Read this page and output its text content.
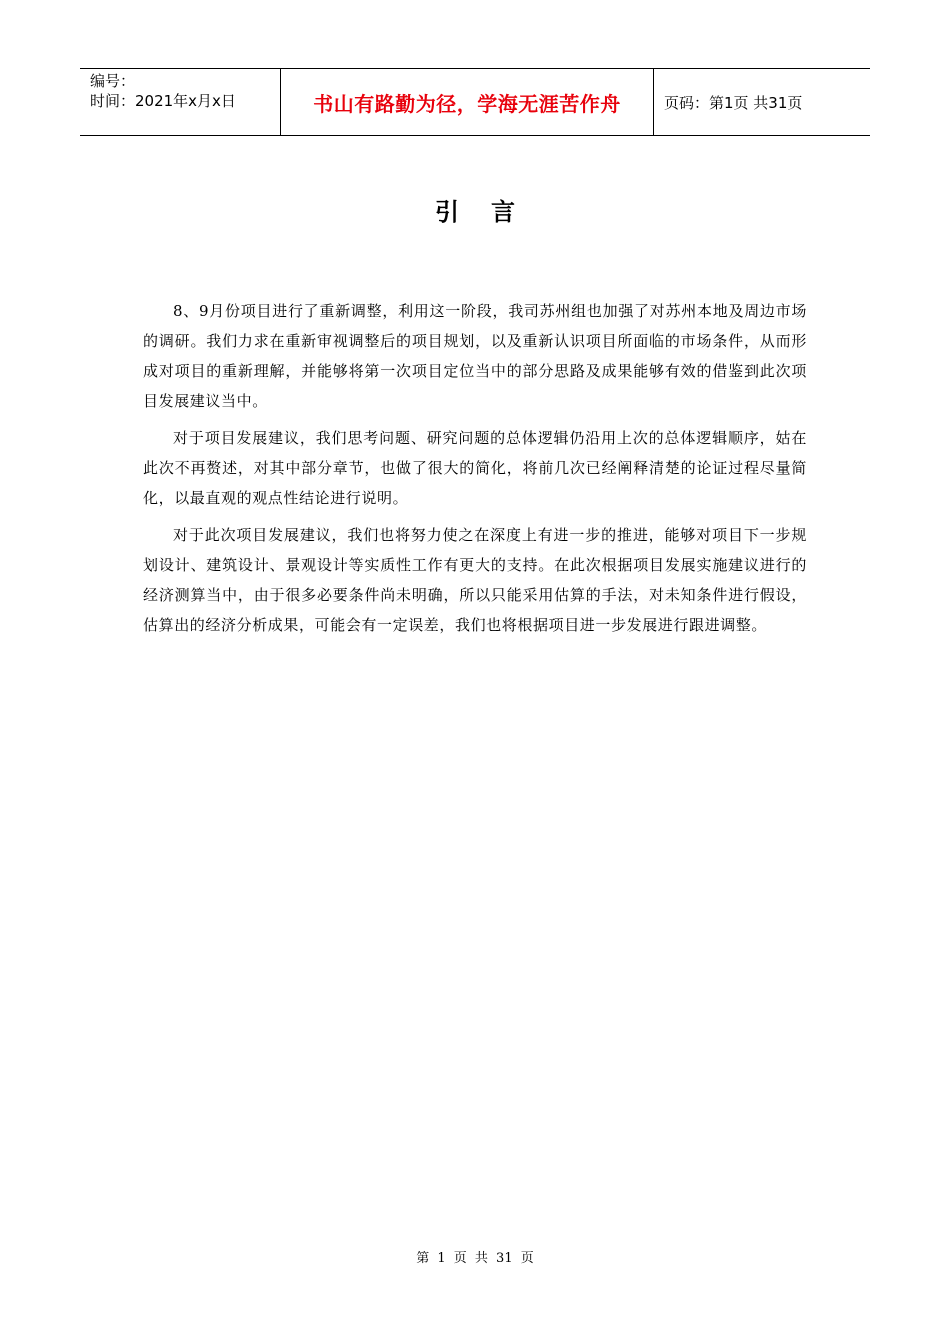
编号：
时间：2021年x月x日	书山有路勤为径，学海无涯苦作舟	页码：第1页 共31页
引言

8、9月份项目进行了重新调整，利用这一阶段，我司苏州组也加强了对苏州本地及周边市场的调研。我们力求在重新审视调整后的项目规划，以及重新认识项目所面临的市场条件，从而形成对项目的重新理解，并能够将第一次项目定位当中的部分思路及成果能够有效的借鉴到此次项目发展建议当中。

对于项目发展建议，我们思考问题、研究问题的总体逻辑仍沿用上次的总体逻辑顺序，姑在此次不再赘述，对其中部分章节，也做了很大的简化，将前几次已经阐释清楚的论证过程尽量简化，以最直观的观点性结论进行说明。

对于此次项目发展建议，我们也将努力使之在深度上有进一步的推进，能够对项目下一步规划设计、建筑设计、景观设计等实质性工作有更大的支持。在此次根据项目发展实施建议进行的经济测算当中，由于很多必要条件尚未明确，所以只能采用估算的手法，对未知条件进行假设，估算出的经济分析成果，可能会有一定误差，我们也将根据项目进一步发展进行跟进调整。

第 1 页 共 31 页
